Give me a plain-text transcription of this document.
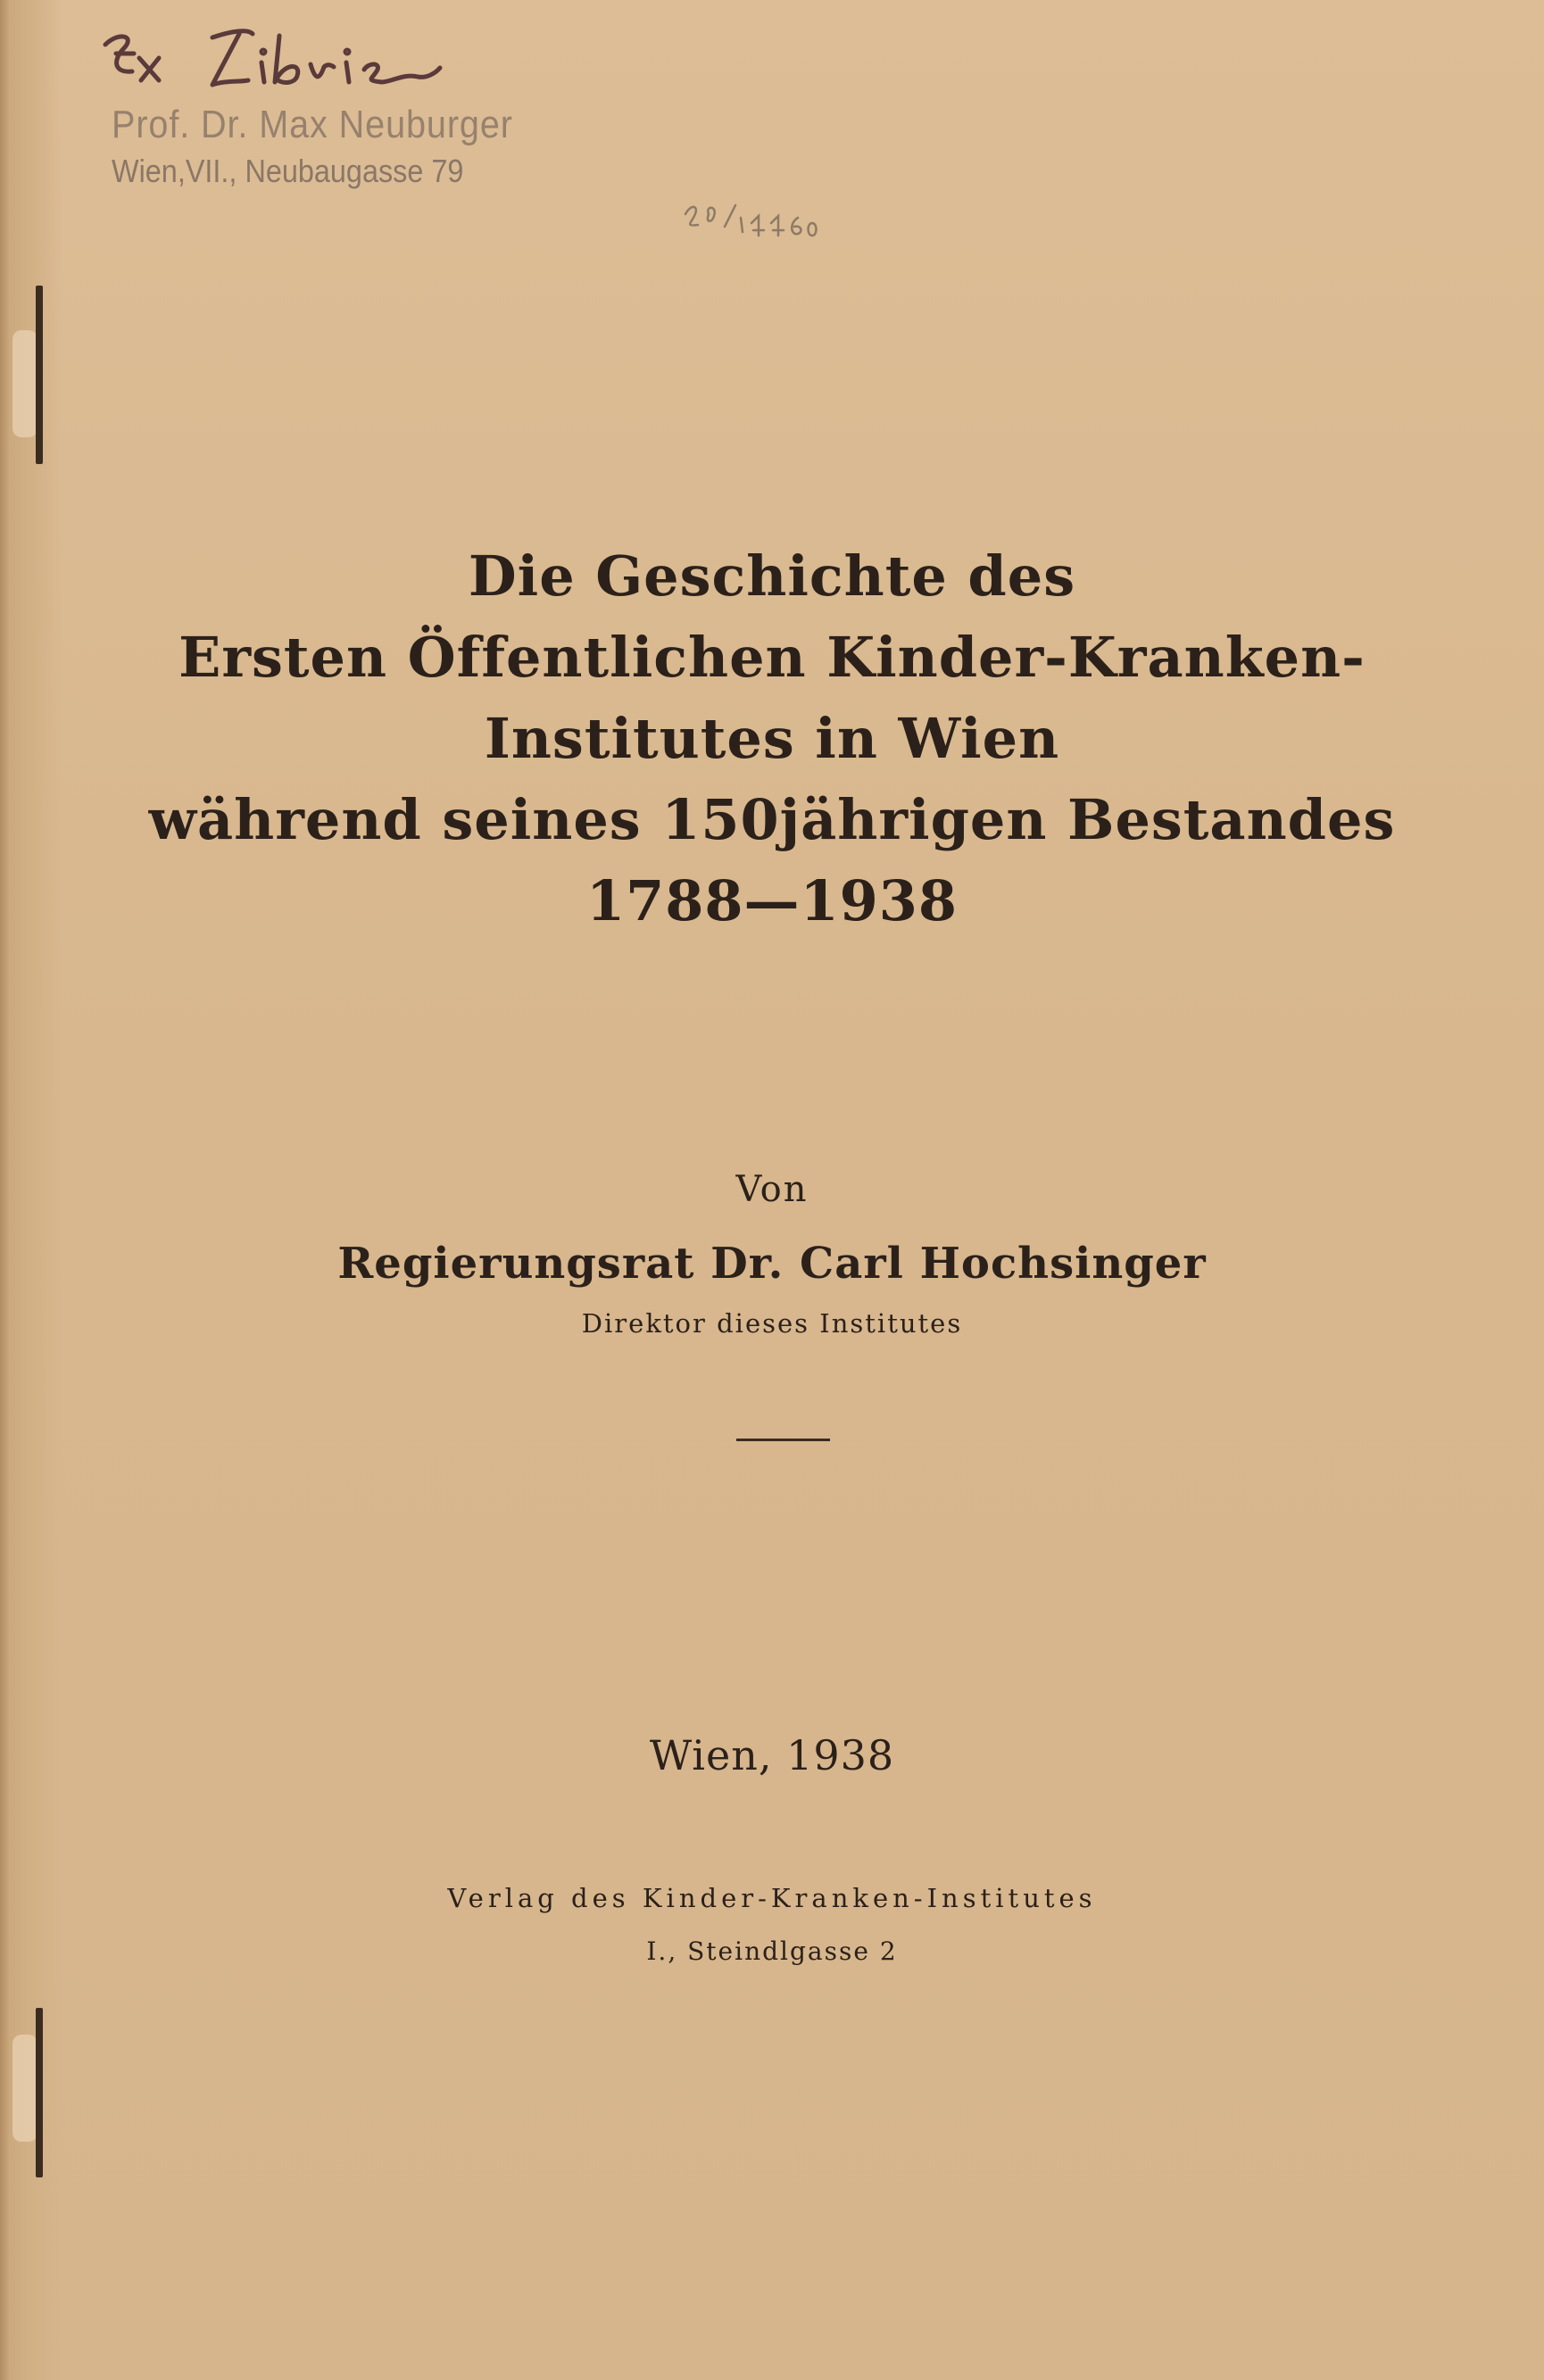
Prof. Dr. Max Neuburger
Wien,VII., Neubaugasse 79
Die Geschichte des
Ersten Öffentlichen Kinder-Kranken-
Institutes in Wien
während seines 150jährigen Bestandes
1788—1938
Von
Regierungsrat Dr. Carl Hochsinger
Direktor dieses Institutes
Wien, 1938
Verlag des Kinder-Kranken-Institutes
I., Steindlgasse 2
